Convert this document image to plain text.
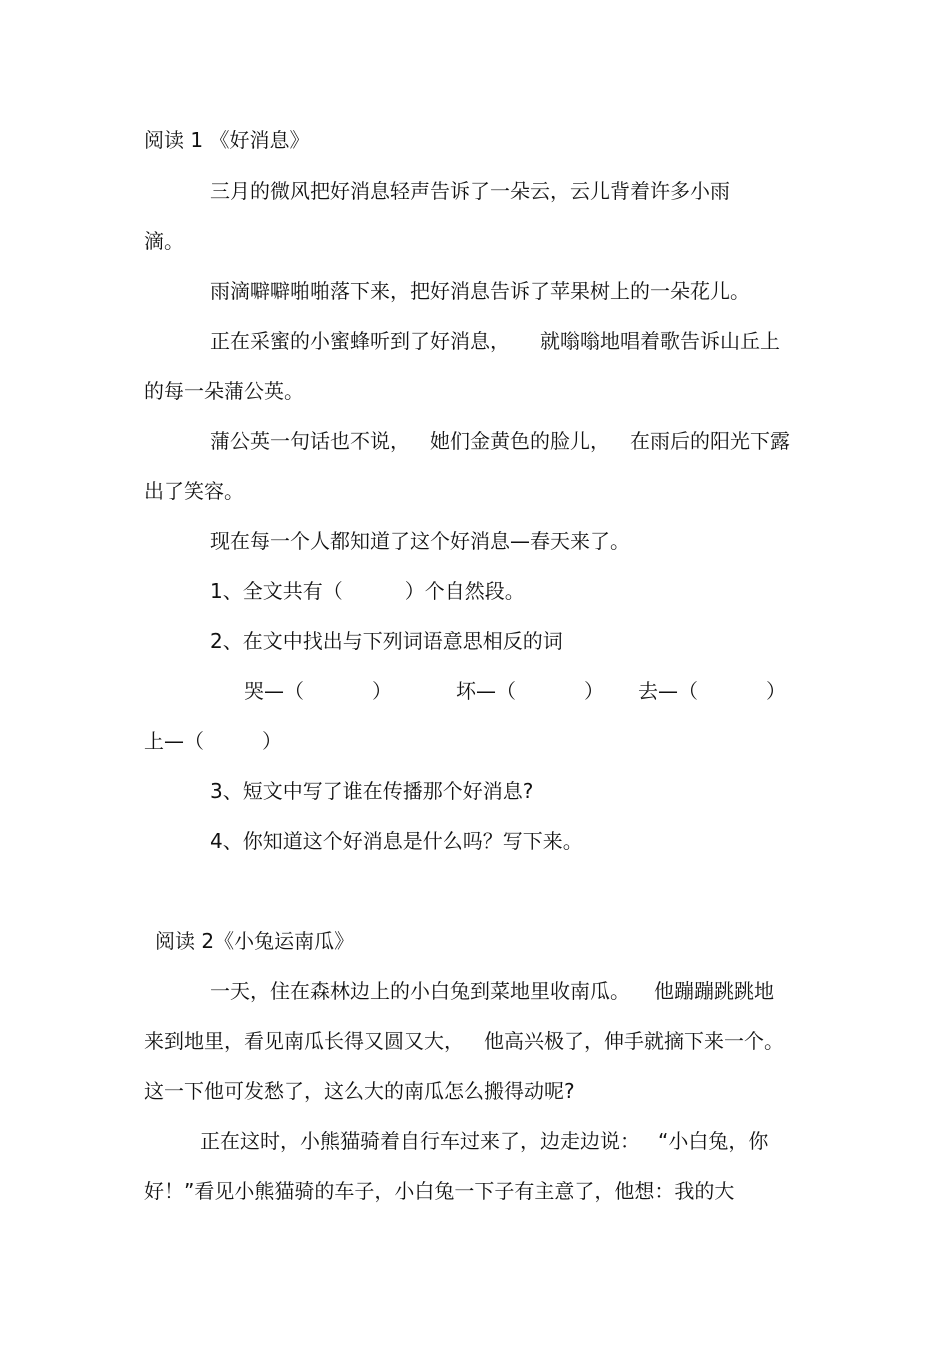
阅读 1 《好消息》
三月的微风把好消息轻声告诉了一朵云，云儿背着许多小雨
滴。
雨滴噼噼啪啪落下来，把好消息告诉了苹果树上的一朵花儿。
正在采蜜的小蜜蜂听到了好消息， 就嗡嗡地唱着歌告诉山丘上
的每一朵蒲公英。
蒲公英一句话也不说， 她们金黄色的脸儿， 在雨后的阳光下露
出了笑容。
现在每一个人都知道了这个好消息—春天来了。
1、全文共有（	）个自然段。
2、在文中找出与下列词语意思相反的词
哭—（	）	坏—（	） 去—（	）
上—（	）
3、短文中写了谁在传播那个好消息?
4、你知道这个好消息是什么吗？写下来。
阅读 2《小兔运南瓜》
一天，住在森林边上的小白兔到菜地里收南瓜。 他蹦蹦跳跳地
来到地里，看见南瓜长得又圆又大， 他高兴极了，伸手就摘下来一个。
这一下他可发愁了，这么大的南瓜怎么搬得动呢?
正在这时，小熊猫骑着自行车过来了，边走边说： “小白兔，你
好！”看见小熊猫骑的车子，小白兔一下子有主意了，他想：我的大
